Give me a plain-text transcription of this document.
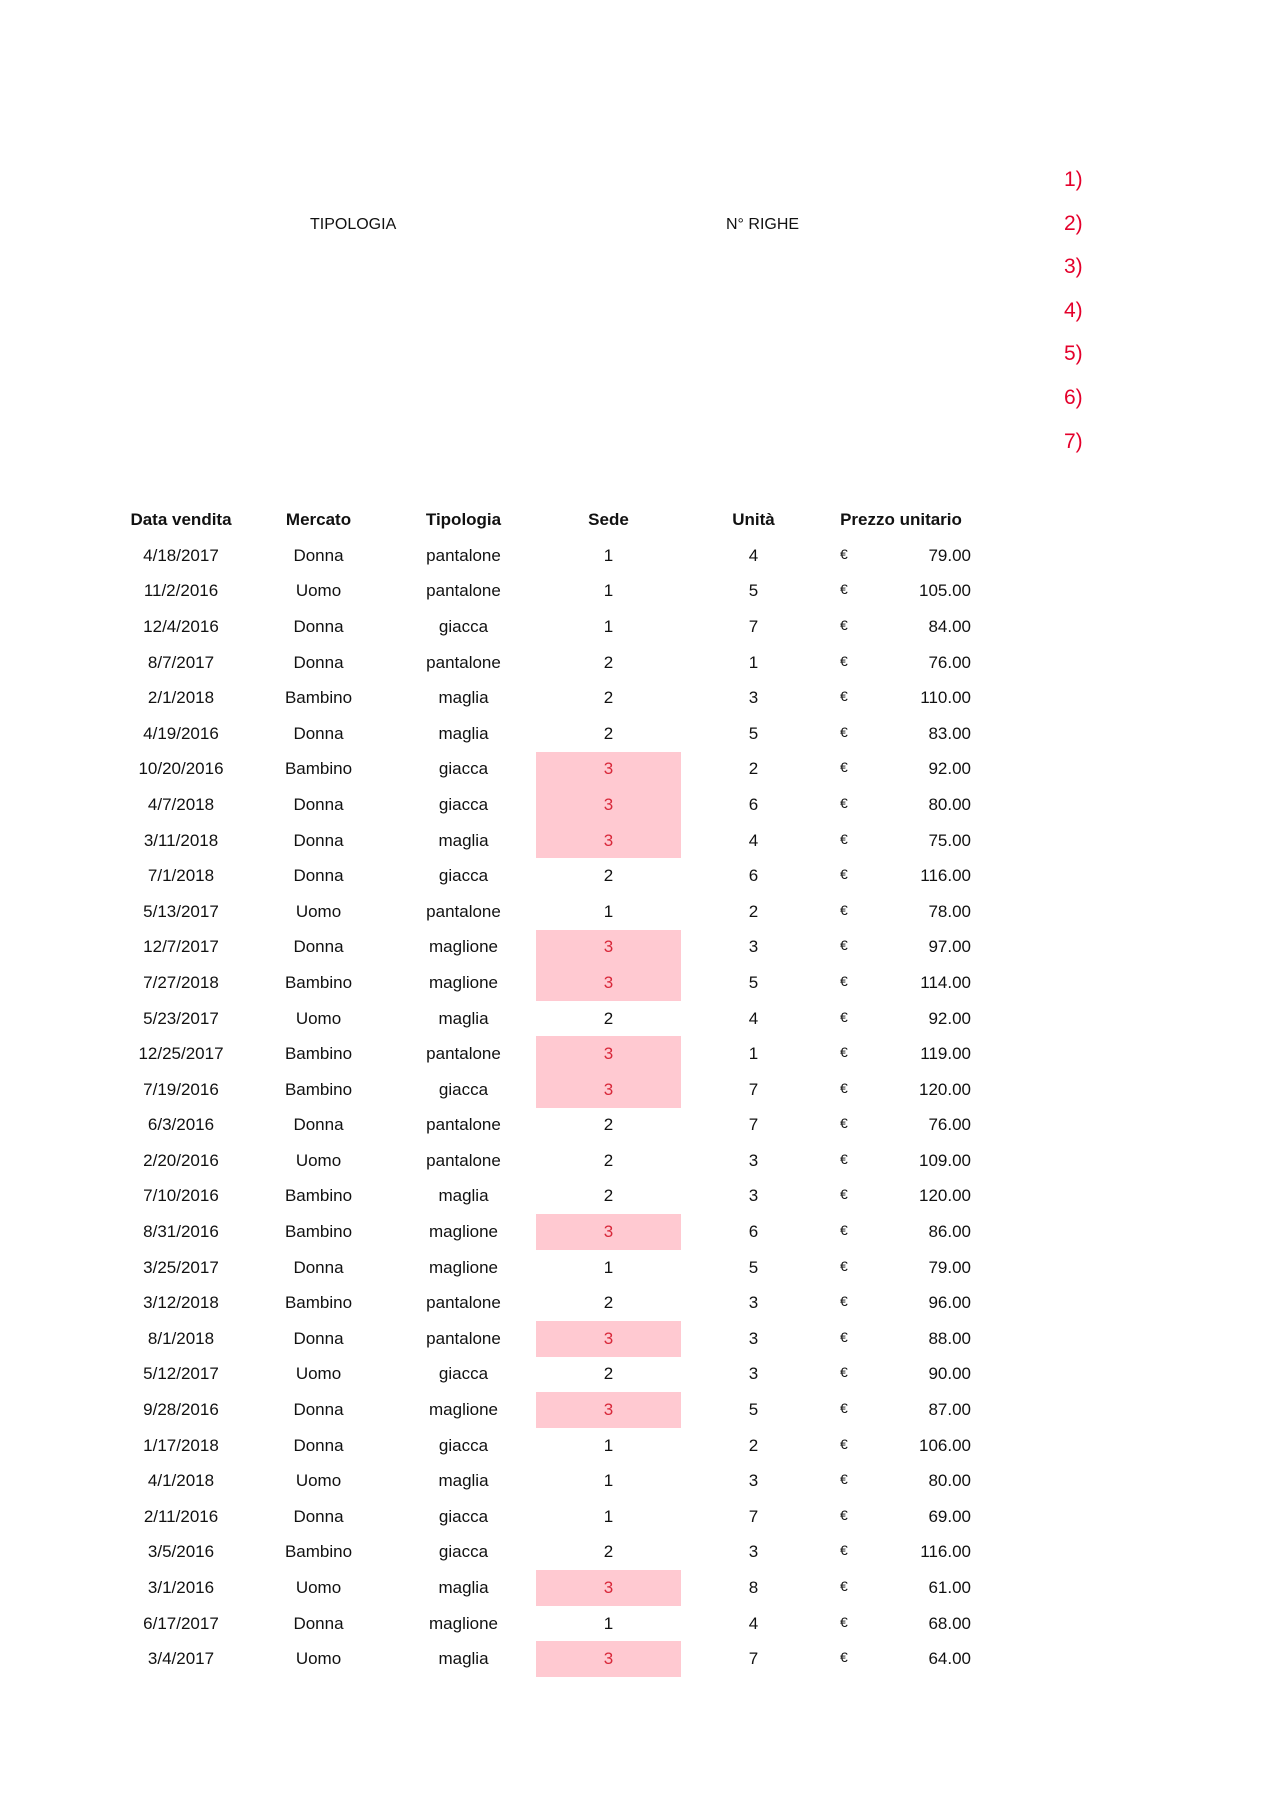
TIPOLOGIA	N° RIGHE
1)
2)
3)
4)
5)
6)
7)
Data vendita	Mercato	Tipologia	Sede	Unità	Prezzo unitario
4/18/2017	Donna	pantalone	1	4	€ 79.00

11/2/2016	Uomo	pantalone	1	5	€ 105.00

12/4/2016	Donna	giacca	1	7	€ 84.00

8/7/2017	Donna	pantalone	2	1	€ 76.00

2/1/2018	Bambino	maglia	2	3	€ 110.00

4/19/2016	Donna	maglia	2	5	€ 83.00

10/20/2016	Bambino	giacca	3	2	€ 92.00

4/7/2018	Donna	giacca	3	6	€ 80.00

3/11/2018	Donna	maglia	3	4	€ 75.00

7/1/2018	Donna	giacca	2	6	€ 116.00

5/13/2017	Uomo	pantalone	1	2	€ 78.00

12/7/2017	Donna	maglione	3	3	€ 97.00

7/27/2018	Bambino	maglione	3	5	€ 114.00

5/23/2017	Uomo	maglia	2	4	€ 92.00

12/25/2017	Bambino	pantalone	3	1	€ 119.00

7/19/2016	Bambino	giacca	3	7	€ 120.00

6/3/2016	Donna	pantalone	2	7	€ 76.00

2/20/2016	Uomo	pantalone	2	3	€ 109.00

7/10/2016	Bambino	maglia	2	3	€ 120.00

8/31/2016	Bambino	maglione	3	6	€ 86.00

3/25/2017	Donna	maglione	1	5	€ 79.00

3/12/2018	Bambino	pantalone	2	3	€ 96.00

8/1/2018	Donna	pantalone	3	3	€ 88.00

5/12/2017	Uomo	giacca	2	3	€ 90.00

9/28/2016	Donna	maglione	3	5	€ 87.00

1/17/2018	Donna	giacca	1	2	€ 106.00

4/1/2018	Uomo	maglia	1	3	€ 80.00

2/11/2016	Donna	giacca	1	7	€ 69.00

3/5/2016	Bambino	giacca	2	3	€ 116.00

3/1/2016	Uomo	maglia	3	8	€ 61.00

6/17/2017	Donna	maglione	1	4	€ 68.00

3/4/2017	Uomo	maglia	3	7	€ 64.00
